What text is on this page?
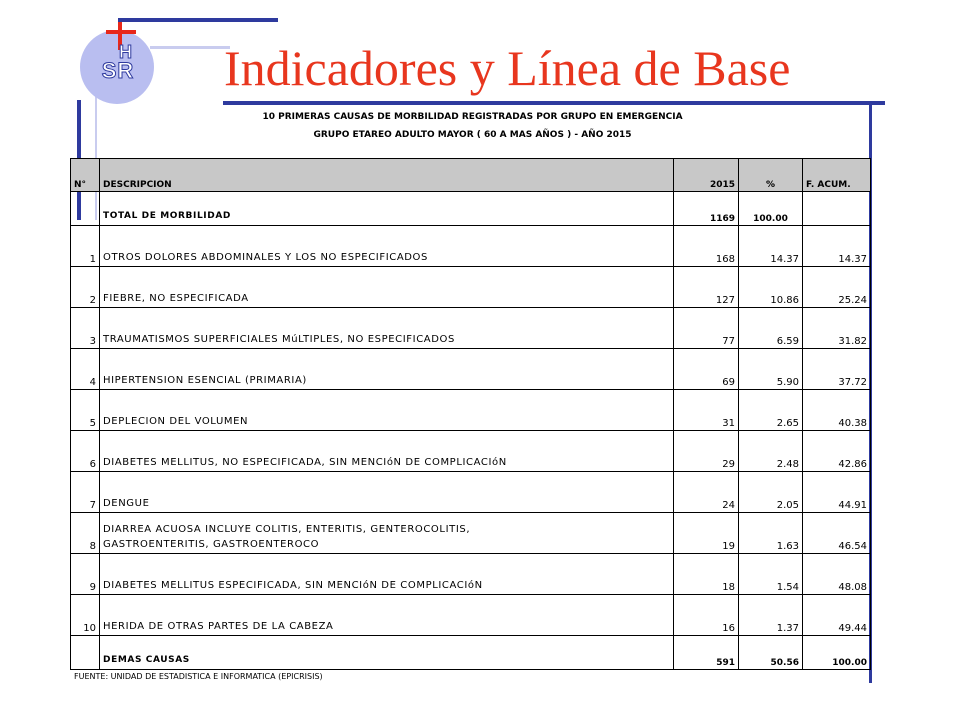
H
SR	Indicadores y Línea de Base
10 PRIMERAS CAUSAS DE MORBILIDAD REGISTRADAS POR GRUPO EN EMERGENCIA
GRUPO ETAREO ADULTO MAYOR ( 60 A MAS AÑOS ) - AÑO 2015
N°	DESCRIPCION	2015	%	F. ACUM.
	TOTAL DE MORBILIDAD	1169	100.00	
1	OTROS DOLORES ABDOMINALES Y LOS NO ESPECIFICADOS	168	14.37	14.37
2	FIEBRE, NO ESPECIFICADA	127	10.86	25.24
3	TRAUMATISMOS SUPERFICIALES MúLTIPLES, NO ESPECIFICADOS	77	6.59	31.82
4	HIPERTENSION ESENCIAL (PRIMARIA)	69	5.90	37.72
5	DEPLECION DEL VOLUMEN	31	2.65	40.38
6	DIABETES MELLITUS, NO ESPECIFICADA, SIN MENCIóN DE COMPLICACIóN	29	2.48	42.86
7	DENGUE	24	2.05	44.91
8	DIARREA ACUOSA INCLUYE COLITIS, ENTERITIS, GENTEROCOLITIS,
GASTROENTERITIS, GASTROENTEROCO	19	1.63	46.54
9	DIABETES MELLITUS ESPECIFICADA, SIN MENCIóN DE COMPLICACIóN	18	1.54	48.08
10	HERIDA DE OTRAS PARTES DE LA CABEZA	16	1.37	49.44
	DEMAS CAUSAS	591	50.56	100.00
FUENTE: UNIDAD DE ESTADISTICA E INFORMATICA (EPICRISIS)
